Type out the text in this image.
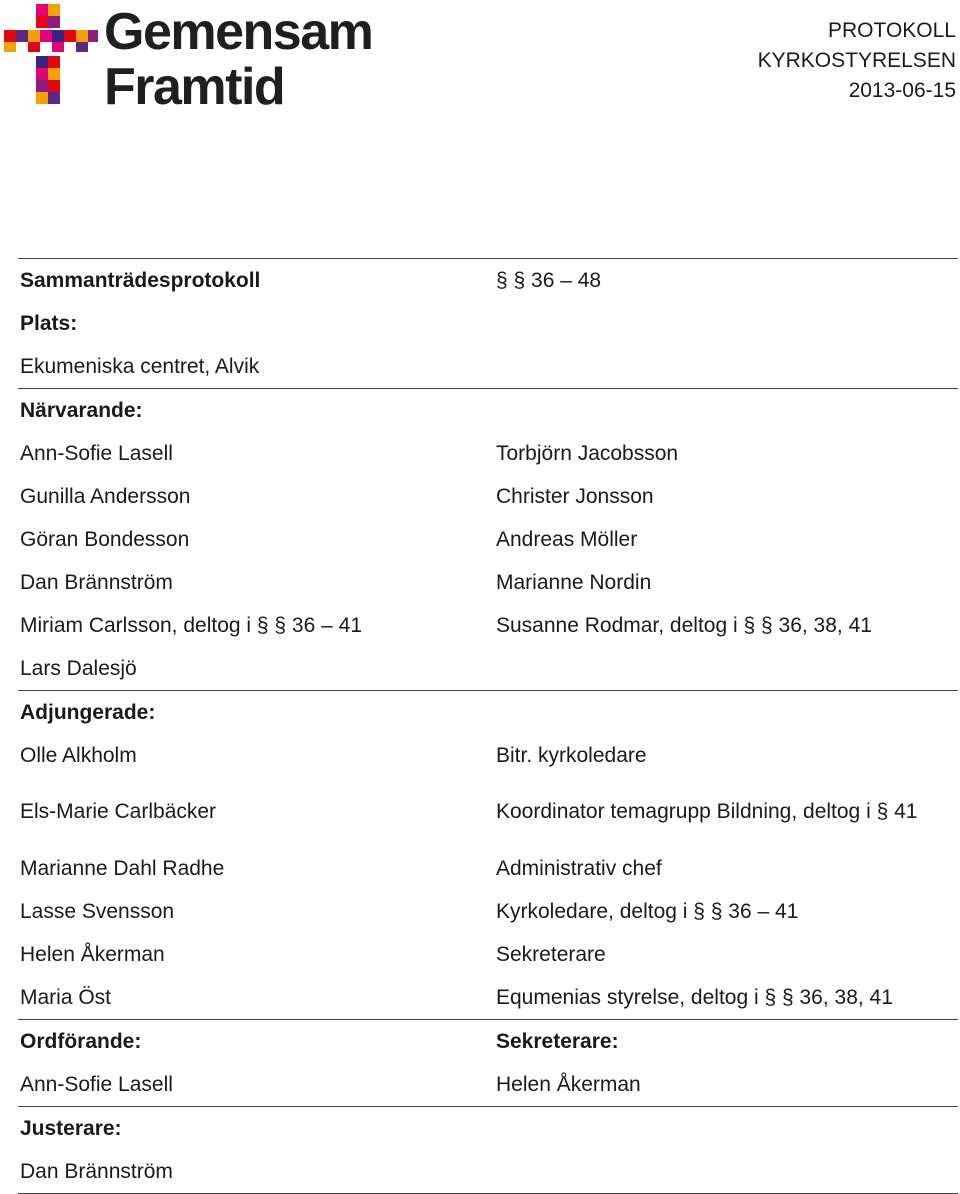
Gemensam
Framtid
PROTOKOLL
KYRKOSTYRELSEN
2013-06-15
Sammanträdesprotokoll	§ § 36 – 48
Plats:
Ekumeniska centret, Alvik
Närvarande:
Ann-Sofie Lasell	Torbjörn Jacobsson
Gunilla Andersson	Christer Jonsson
Göran Bondesson	Andreas Möller
Dan Brännström	Marianne Nordin
Miriam Carlsson, deltog i § § 36 – 41	Susanne Rodmar, deltog i § § 36, 38, 41
Lars Dalesjö
Adjungerade:
Olle Alkholm	Bitr. kyrkoledare
Els-Marie Carlbäcker	Koordinator temagrupp Bildning, deltog i § 41
Marianne Dahl Radhe	Administrativ chef
Lasse Svensson	Kyrkoledare, deltog i § § 36 – 41
Helen Åkerman	Sekreterare
Maria Öst	Equmenias styrelse, deltog i § § 36, 38, 41
Ordförande:	Sekreterare:
Ann-Sofie Lasell	Helen Åkerman
Justerare:
Dan Brännström
